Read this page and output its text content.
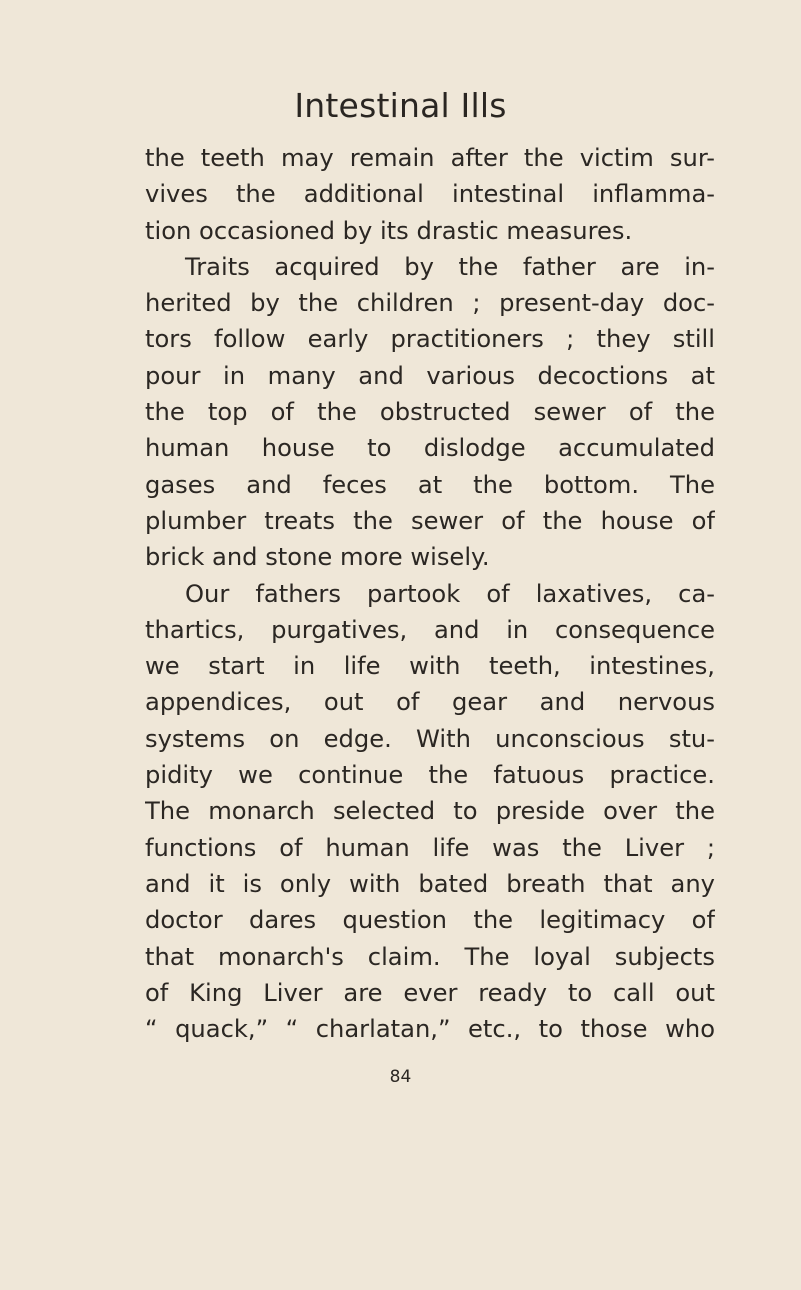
Intestinal Ills
the teeth may remain after the victim sur-
vives the additional intestinal inflamma-
tion occasioned by its drastic measures.
Traits acquired by the father are in-
herited by the children ; present-day doc-
tors follow early practitioners ; they still
pour in many and various decoctions at
the top of the obstructed sewer of the
human house to dislodge accumulated
gases and feces at the bottom. The
plumber treats the sewer of the house of
brick and stone more wisely.
Our fathers partook of laxatives, ca-
thartics, purgatives, and in consequence
we start in life with teeth, intestines,
appendices, out of gear and nervous
systems on edge. With unconscious stu-
pidity we continue the fatuous practice.
The monarch selected to preside over the
functions of human life was the Liver ;
and it is only with bated breath that any
doctor dares question the legitimacy of
that monarch's claim. The loyal subjects
of King Liver are ever ready to call out
“ quack,” “ charlatan,” etc., to those who
84
